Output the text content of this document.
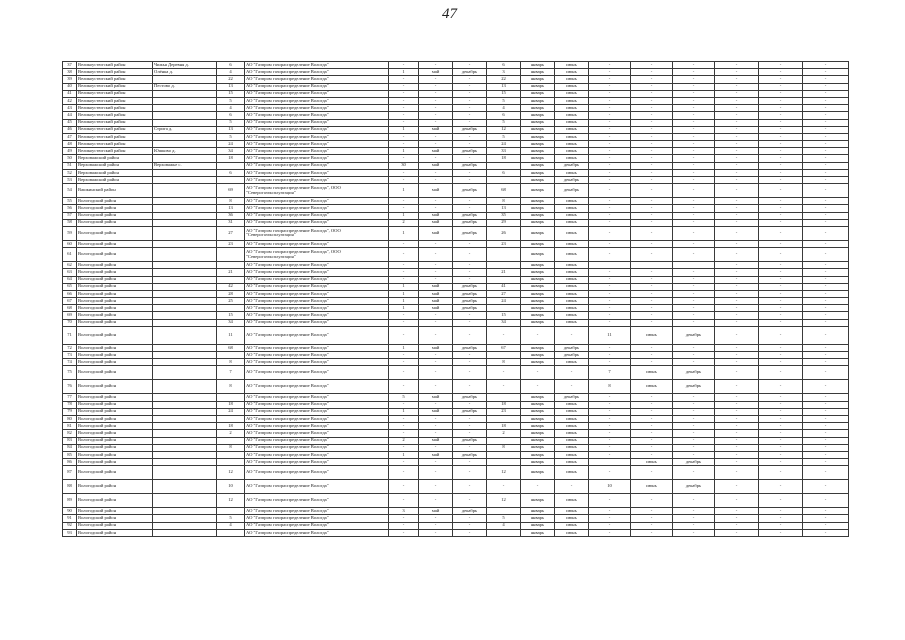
47
37	Великоустюгский район	Чижья Деревня д.	6	АО "Газпром газораспределение Вологда"	-	-	-	6	январь	июнь	-	-	-	-	-	-
38	Великоустюгский район	Олёнка д.	4	АО "Газпром газораспределение Вологда"	1	май	декабрь	3	январь	июнь	-	-	-	-	-	-
39	Великоустюгский район		22	АО "Газпром газораспределение Вологда"	-	-	-	22	январь	июнь	-	-	-	-	-	-
40	Великоустюгский район	Пестово д.	13	АО "Газпром газораспределение Вологда"	-	-	-	13	январь	июнь	-	-	-	-	-	-
41	Великоустюгский район		15	АО "Газпром газораспределение Вологда"	-	-	-	15	январь	июнь	-	-	-	-	-	-
42	Великоустюгский район		5	АО "Газпром газораспределение Вологда"	-	-	-	5	январь	июнь	-	-	-	-	-	-
43	Великоустюгский район		4	АО "Газпром газораспределение Вологда"	-	-	-	4	январь	июнь	-	-	-	-	-	-
44	Великоустюгский район		6	АО "Газпром газораспределение Вологда"	-	-	-	6	январь	июнь	-	-	-	-	-	-
45	Великоустюгский район		5	АО "Газпром газораспределение Вологда"	-	-	-	5	январь	июнь	-	-	-	-	-	-
46	Великоустюгский район	Стрига д.	13	АО "Газпром газораспределение Вологда"	1	май	декабрь	12	январь	июнь	-	-	-	-	-	-
47	Великоустюгский район		5	АО "Газпром газораспределение Вологда"	-	-	-	5	январь	июнь	-	-	-	-	-	-
48	Великоустюгский район		24	АО "Газпром газораспределение Вологда"	-	-	-	24	январь	июнь	-	-	-	-	-	-
49	Великоустюгский район	Юшково д.	34	АО "Газпром газораспределение Вологда"	1	май	декабрь	33	январь	июнь	-	-	-	-	-	-
50	Верховажский район		18	АО "Газпром газораспределение Вологда"	-	-	-	18	январь	июнь	-	-	-	-	-	-
51	Верховажский район	Верховажье с.		АО "Газпром газораспределение Вологда"	30	май	декабрь		январь	декабрь	-	-	-	-	-	-
52	Верховажский район		6	АО "Газпром газораспределение Вологда"	-	-	-	6	январь	июнь	-	-	-	-	-	-
53	Верховажский район			АО "Газпром газораспределение Вологда"	-	-	-		январь	декабрь	-	-	-	-	-	-
54	Вашкинский район		69	АО "Газпром газораспределение Вологда", ООО "Северогазэксплуатация"	1	май	декабрь	68	январь	декабрь	-	-	-	-	-	-
55	Вологодский район		8	АО "Газпром газораспределение Вологда"	-	-	-	8	январь	июнь	-	-	-	-	-	-
56	Вологодский район		13	АО "Газпром газораспределение Вологда"	-	-	-	13	январь	июнь	-	-	-	-	-	-
57	Вологодский район		36	АО "Газпром газораспределение Вологда"	1	май	декабрь	35	январь	июнь	-	-	-	-	-	-
58	Вологодский район		31	АО "Газпром газораспределение Вологда"	2	май	декабрь	29	январь	июнь	-	-	-	-	-	-
59	Вологодский район		27	АО "Газпром газораспределение Вологда", ООО "Северогазэксплуатация"	1	май	декабрь	26	январь	июнь	-	-	-	-	-	-
60	Вологодский район		23	АО "Газпром газораспределение Вологда"	-	-	-	23	январь	июнь	-	-	-	-	-	-
61	Вологодский район			АО "Газпром газораспределение Вологда", ООО "Северогазэксплуатация"	-	-	-		январь	июнь	-	-	-	-	-	-
62	Вологодский район			АО "Газпром газораспределение Вологда"	-	-	-		январь	июнь				-	-	-
63	Вологодский район		21	АО "Газпром газораспределение Вологда"	-	-	-	21	январь	июнь	-	-	-	-	-	-
64	Вологодский район			АО "Газпром газораспределение Вологда"	-	-	-		январь	июнь	-	-	-	-	-	-
65	Вологодский район		42	АО "Газпром газораспределение Вологда"	1	май	декабрь	41	январь	июнь	-	-	-	-	-	-
66	Вологодский район		28	АО "Газпром газораспределение Вологда"	1	май	декабрь	27	январь	июнь	-	-	-	-	-	-
67	Вологодский район		25	АО "Газпром газораспределение Вологда"	1	май	декабрь	24	январь	июнь	-	-	-	-	-	-
68	Вологодский район			АО "Газпром газораспределение Вологда"	1	май	декабрь		январь	июнь	-	-	-	-	-	-
69	Вологодский район		15	АО "Газпром газораспределение Вологда"	-	-	-	15	январь	июнь	-	-	-	-	-	-
70	Вологодский район		34	АО "Газпром газораспределение Вологда"	-	-	-	34	январь	июнь	-	-	-	-	-	-
71	Вологодский район		11	АО "Газпром газораспределение Вологда"	-	-	-	-	-	-	11	июнь	декабрь	-	-	-
72	Вологодский район		68	АО "Газпром газораспределение Вологда"	1	май	декабрь	67	январь	декабрь	-	-	-	-	-	-
73	Вологодский район			АО "Газпром газораспределение Вологда"	-	-	-		январь	декабрь	-	-	-	-	-	-
74	Вологодский район		8	АО "Газпром газораспределение Вологда"	-	-	-	8	январь	июнь	-	-	-	-	-	-
75	Вологодский район		7	АО "Газпром газораспределение Вологда"	-	-	-	-	-	-	7	июнь	декабрь	-	-	-
76	Вологодский район		8	АО "Газпром газораспределение Вологда"	-	-	-	-	-	-	8	июнь	декабрь	-	-	-
77	Вологодский район			АО "Газпром газораспределение Вологда"	5	май	декабрь		январь	декабрь	-	-	-	-	-	-
78	Вологодский район		18	АО "Газпром газораспределение Вологда"	-	-	-	18	январь	июнь	-	-	-	-	-	-
79	Вологодский район		24	АО "Газпром газораспределение Вологда"	1	май	декабрь	23	январь	июнь	-	-	-	-	-	-
80	Вологодский район			АО "Газпром газораспределение Вологда"	-	-	-		январь	июнь	-	-	-	-	-	-
81	Вологодский район		18	АО "Газпром газораспределение Вологда"	-	-	-	18	январь	июнь	-	-	-	-	-	-
82	Вологодский район		2	АО "Газпром газораспределение Вологда"	-	-	-	2	январь	июнь	-	-	-	-	-	-
83	Вологодский район			АО "Газпром газораспределение Вологда"	2	май	декабрь		январь	июнь	-	-	-	-	-	-
84	Вологодский район		8	АО "Газпром газораспределение Вологда"	-	-	-	8	январь	июнь	-	-	-	-	-	-
85	Вологодский район			АО "Газпром газораспределение Вологда"	1	май	декабрь		январь	июнь	-	-	-	-	-	-
86	Вологодский район			АО "Газпром газораспределение Вологда"	-	-	-		январь	июнь		июнь	декабрь	-	-	-
87	Вологодский район		12	АО "Газпром газораспределение Вологда"	-	-	-	12	январь	июнь	-	-	-	-	-	-
88	Вологодский район		10	АО "Газпром газораспределение Вологда"	-	-	-	-	-	-	10	июнь	декабрь	-	-	-
89	Вологодский район		12	АО "Газпром газораспределение Вологда"	-	-	-	12	январь	июнь	-	-	-	-	-	-
90	Вологодский район			АО "Газпром газораспределение Вологда"	3	май	декабрь		январь	июнь	-	-	-	-	-	-
91	Вологодский район		5	АО "Газпром газораспределение Вологда"	-	-	-	5	январь	июнь	-	-	-	-	-	-
92	Вологодский район		4	АО "Газпром газораспределение Вологда"	-	-	-	4	январь	июнь	-	-	-	-	-	-
93	Вологодский район			АО "Газпром газораспределение Вологда"	-	-	-		январь	июнь	-	-	-	-	-	-
